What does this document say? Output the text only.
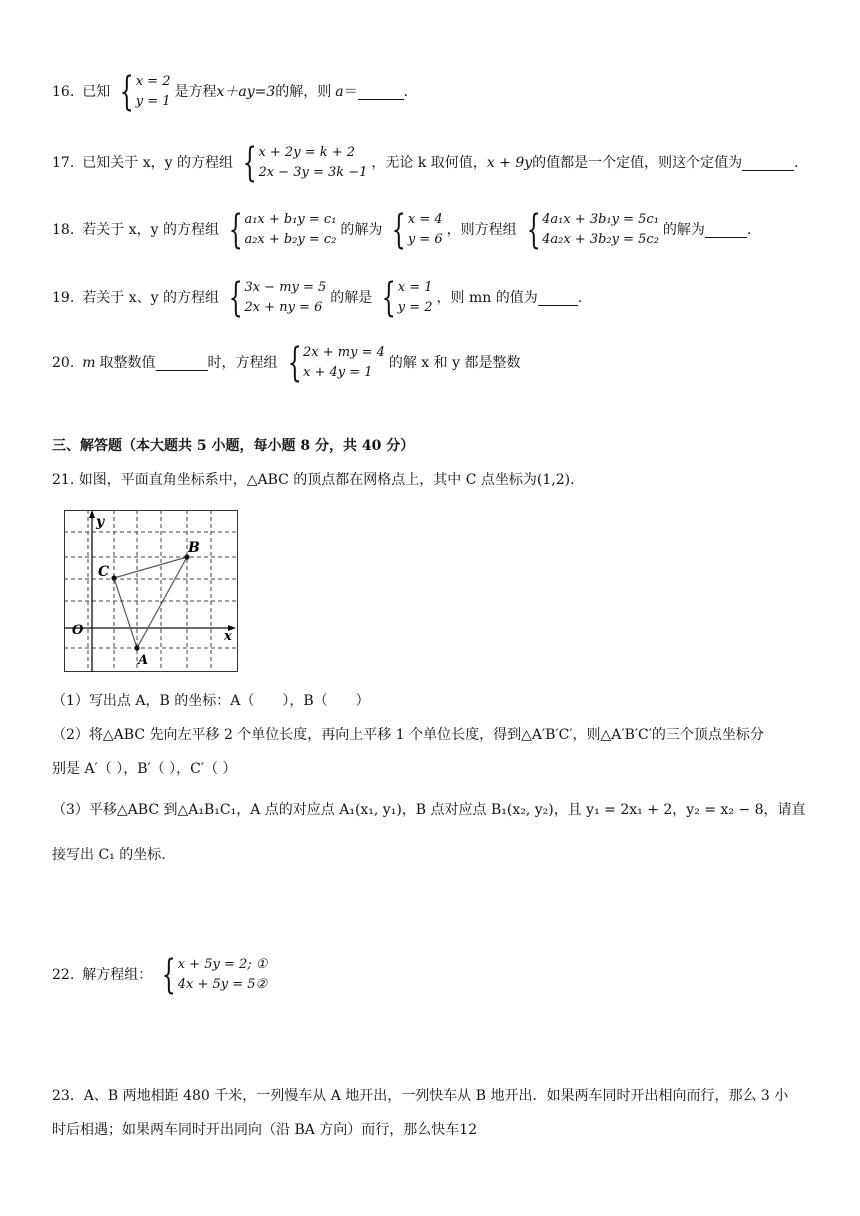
16. 已知 { x = 2
y = 1
是方程 x＋ay=3 的解，则 a ＝	.
17. 已知关于 x，y 的方程组 { x + 2y = k + 2
2x − 3y = 3k −1
，无论 k 取何值， x + 9y 的值都是一个定值，则这个定值为	.
18. 若关于 x，y 的方程组 { a₁x + b₁y = c₁
a₂x + b₂y = c₂
的解为 { x = 4
y = 6
，则方程组 { 4a₁x + 3b₁y = 5c₁
4a₂x + 3b₂y = 5c₂
的解为	.
19. 若关于 x、y 的方程组 { 3x − my = 5
2x + ny = 6
的解是 { x = 1
y = 2
，则 mn 的值为	.
20. m 取整数值	时，方程组 { 2x + my = 4
x + 4y = 1
的解 x 和 y 都是整数
三、解答题（本大题共 5 小题，每小题 8 分，共 40 分）
21. 如图，平面直角坐标系中，△ABC 的顶点都在网格点上，其中 C 点坐标为(1,2).
y
x
O
C
B
A
（1）写出点 A，B 的坐标：A（　　），B（　　）
（2）将△ABC 先向左平移 2 个单位长度，再向上平移 1 个单位长度，得到△A′B′C′，则△A′B′C′的三个顶点坐标分
别是 A′（ ），B′（ ），C′（ ）
（3）平移△ABC 到△A₁B₁C₁，A 点的对应点 A₁(x₁, y₁)，B 点对应点 B₁(x₂, y₂)，且 y₁ = 2x₁ + 2，y₂ = x₂ − 8，请直
接写出 C₁ 的坐标.
22. 解方程组： { x + 5y = 2; ①
4x + 5y = 5②
23．A、B 两地相距 480 千米，一列慢车从 A 地开出，一列快车从 B 地开出．如果两车同时开出相向而行，那么 3 小
时后相遇；如果两车同时开出同向（沿 BA 方向）而行，那么快车12
